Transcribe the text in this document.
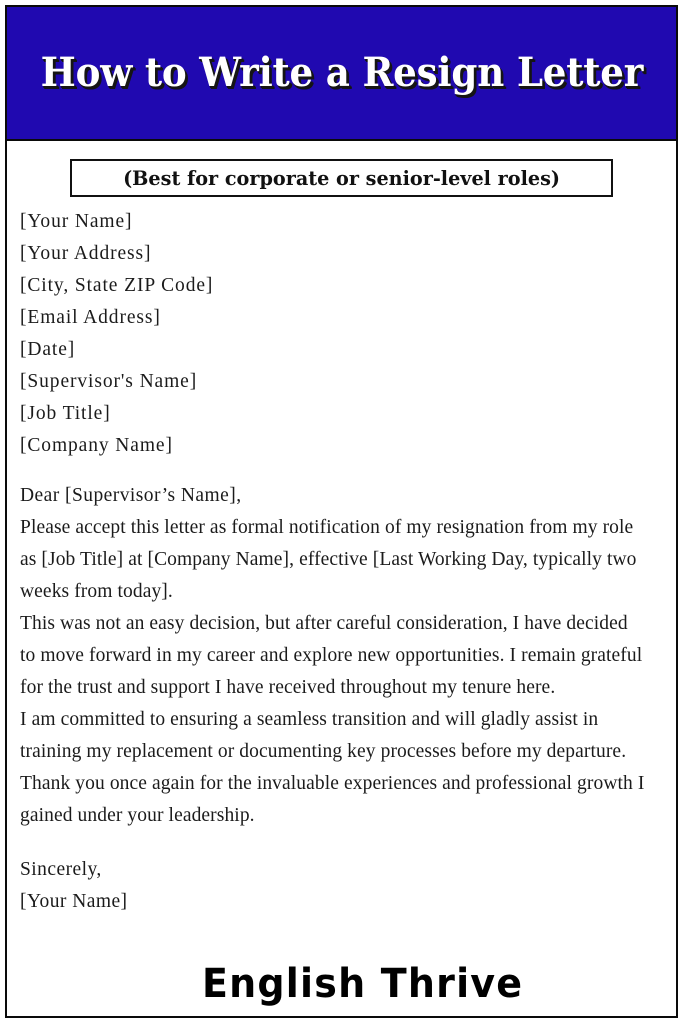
How to Write a Resign Letter
(Best for corporate or senior-level roles)
[Your Name]
[Your Address]
[City, State ZIP Code]
[Email Address]
[Date]
[Supervisor's Name]
[Job Title]
[Company Name]
Dear [Supervisor’s Name],

Please accept this letter as formal notification of my resignation from my role as [Job Title] at [Company Name], effective [Last Working Day, typically two weeks from today].

This was not an easy decision, but after careful consideration, I have decided to move forward in my career and explore new opportunities. I remain grateful for the trust and support I have received throughout my tenure here.

I am committed to ensuring a seamless transition and will gladly assist in training my replacement or documenting key processes before my departure.

Thank you once again for the invaluable experiences and professional growth I gained under your leadership.

Sincerely,
[Your Name]
English Thrive
